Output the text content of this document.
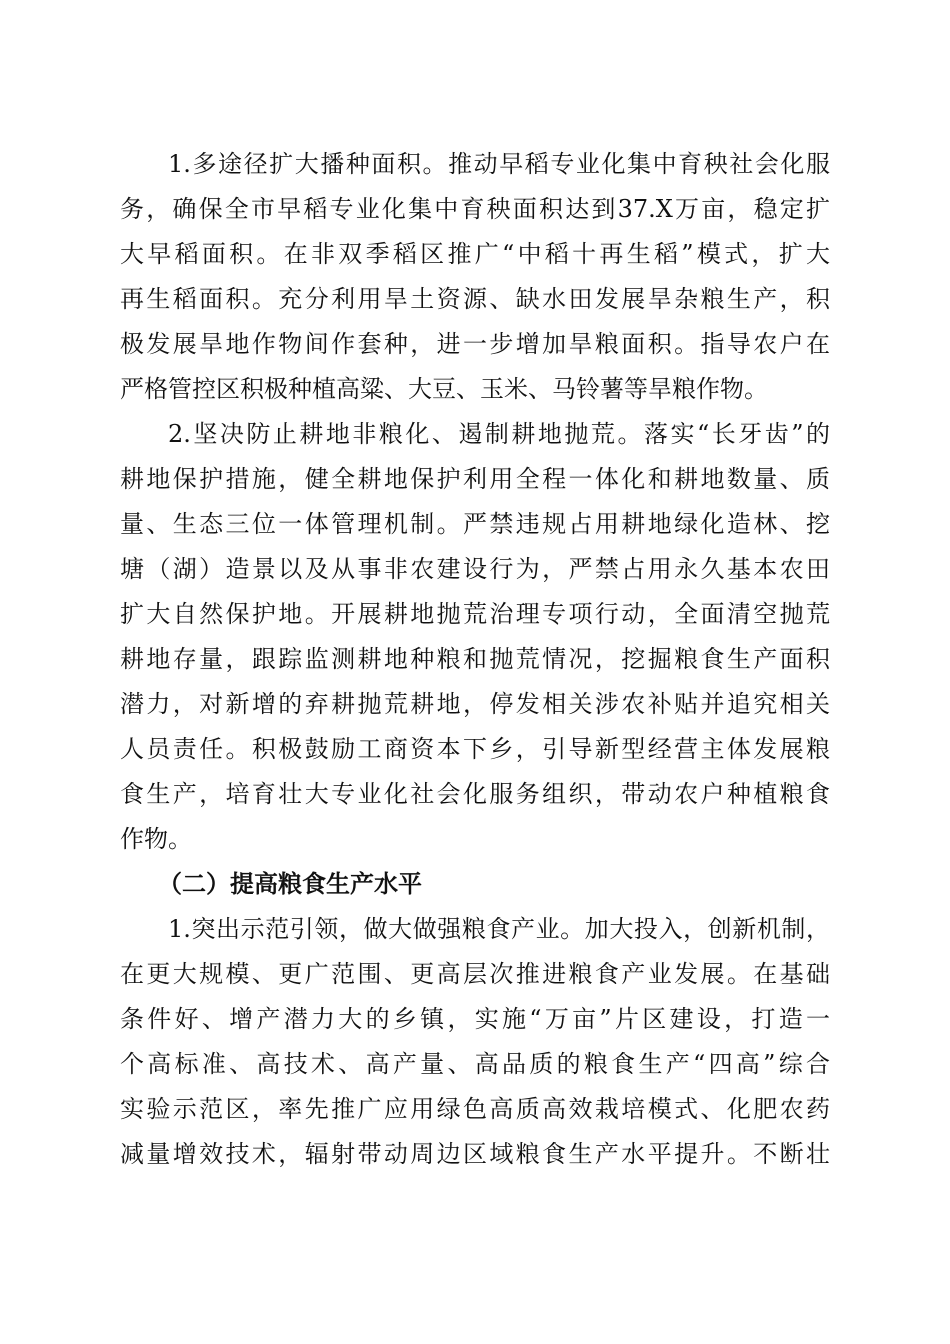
1.多途径扩大播种面积。推动早稻专业化集中育秧社会化服
务，确保全市早稻专业化集中育秧面积达到37.X万亩，稳定扩
大早稻面积。在非双季稻区推广“中稻十再生稻”模式，扩大
再生稻面积。充分利用旱土资源、缺水田发展旱杂粮生产，积
极发展旱地作物间作套种，进一步增加旱粮面积。指导农户在
严格管控区积极种植高粱、大豆、玉米、马铃薯等旱粮作物。
2.坚决防止耕地非粮化、遏制耕地抛荒。落实“长牙齿”的
耕地保护措施，健全耕地保护利用全程一体化和耕地数量、质
量、生态三位一体管理机制。严禁违规占用耕地绿化造林、挖
塘（湖）造景以及从事非农建设行为，严禁占用永久基本农田
扩大自然保护地。开展耕地抛荒治理专项行动，全面清空抛荒
耕地存量，跟踪监测耕地种粮和抛荒情况，挖掘粮食生产面积
潜力，对新增的弃耕抛荒耕地，停发相关涉农补贴并追究相关
人员责任。积极鼓励工商资本下乡，引导新型经营主体发展粮
食生产，培育壮大专业化社会化服务组织，带动农户种植粮食
作物。
（二）提高粮食生产水平
1.突出示范引领，做大做强粮食产业。加大投入，创新机制，
在更大规模、更广范围、更高层次推进粮食产业发展。在基础
条件好、增产潜力大的乡镇，实施“万亩”片区建设，打造一
个高标准、高技术、高产量、高品质的粮食生产“四高”综合
实验示范区，率先推广应用绿色高质高效栽培模式、化肥农药
减量增效技术，辐射带动周边区域粮食生产水平提升。不断壮
